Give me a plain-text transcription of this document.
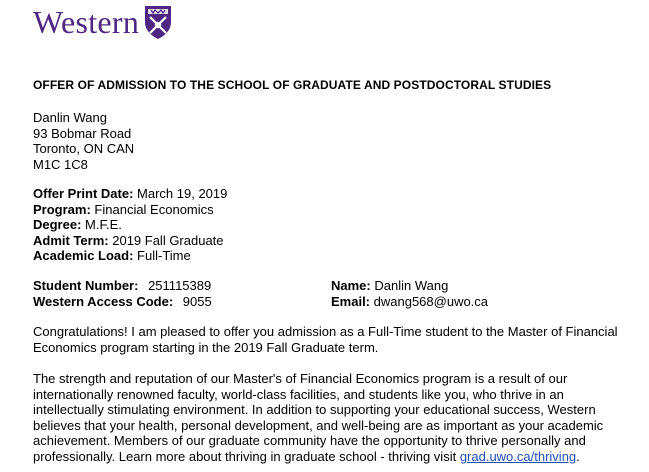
Western
OFFER OF ADMISSION TO THE SCHOOL OF GRADUATE AND POSTDOCTORAL STUDIES
Danlin Wang
93 Bobmar Road
Toronto, ON CAN
M1C 1C8
Offer Print Date: March 19, 2019
Program: Financial Economics
Degree: M.F.E.
Admit Term: 2019 Fall Graduate
Academic Load: Full-Time
Student Number: 251115389
Western Access Code: 9055
Name: Danlin Wang
Email: dwang568@uwo.ca
Congratulations! I am pleased to offer you admission as a Full-Time student to the Master of Financial Economics program starting in the 2019 Fall Graduate term.
The strength and reputation of our Master's of Financial Economics program is a result of our internationally renowned faculty, world-class facilities, and students like you, who thrive in an intellectually stimulating environment. In addition to supporting your educational success, Western believes that your health, personal development, and well-being are as important as your academic achievement. Members of our graduate community have the opportunity to thrive personally and professionally. Learn more about thriving in graduate school - thriving visit grad.uwo.ca/thriving.
